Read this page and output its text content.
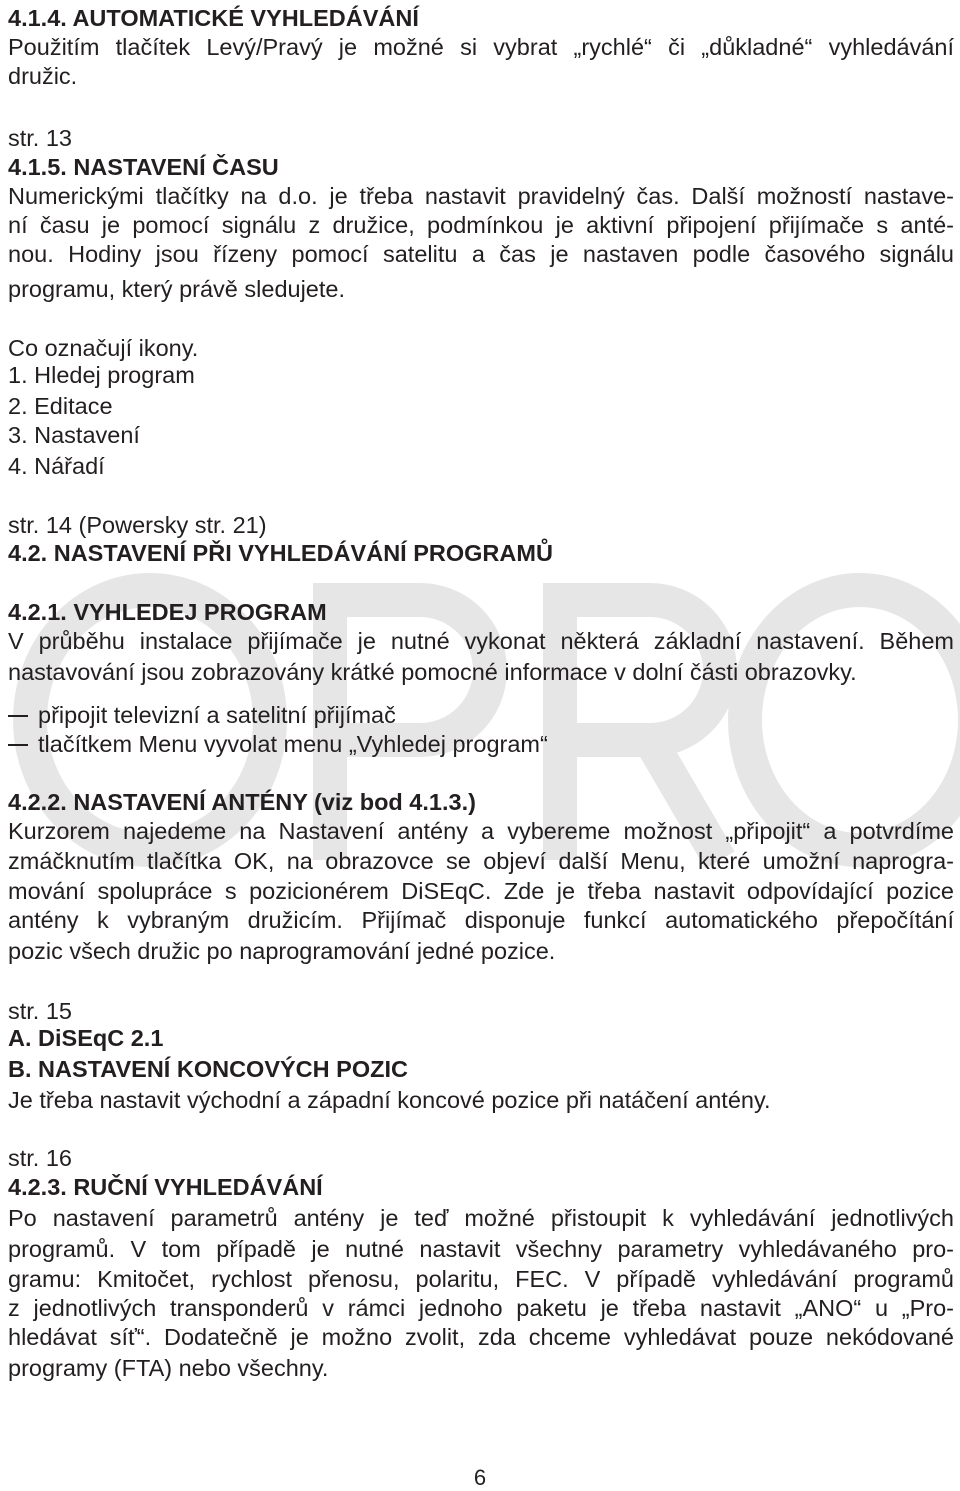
4.1.4. AUTOMATICKÉ VYHLEDÁVÁNÍ
Použitím tlačítek Levý/Pravý je možné si vybrat „rychlé“ či „důkladné“ vyhledávání
družic.
str. 13
4.1.5. NASTAVENÍ ČASU
Numerickými tlačítky na d.o. je třeba nastavit pravidelný čas. Další možností nastave-
ní času je pomocí signálu z družice, podmínkou je aktivní připojení přijímače s anté-
nou. Hodiny jsou řízeny pomocí satelitu a čas je nastaven podle časového signálu
programu, který právě sledujete.
Co označují ikony.
1. Hledej program
2. Editace
3. Nastavení
4. Nářadí
str. 14 (Powersky str. 21)
4.2. NASTAVENÍ PŘI VYHLEDÁVÁNÍ PROGRAMŮ
4.2.1. VYHLEDEJ PROGRAM
V průběhu instalace přijímače je nutné vykonat některá základní nastavení. Během
nastavování jsou zobrazovány krátké pomocné informace v dolní části obrazovky.
připojit televizní a satelitní přijímač
tlačítkem Menu vyvolat menu „Vyhledej program“
4.2.2. NASTAVENÍ ANTÉNY (viz bod 4.1.3.)
Kurzorem najedeme na Nastavení antény a vybereme možnost „připojit“ a potvrdíme
zmáčknutím tlačítka OK, na obrazovce se objeví další Menu, které umožní naprogra-
mování spolupráce s pozicionérem DiSEqC. Zde je třeba nastavit odpovídající pozice
antény k vybraným družicím. Přijímač disponuje funkcí automatického přepočítání
pozic všech družic po naprogramování jedné pozice.
str. 15
A. DiSEqC 2.1
B. NASTAVENÍ KONCOVÝCH POZIC
Je třeba nastavit východní a západní koncové pozice při natáčení antény.
str. 16
4.2.3. RUČNÍ VYHLEDÁVÁNÍ
Po nastavení parametrů antény je teď možné přistoupit k vyhledávání jednotlivých
programů. V tom případě je nutné nastavit všechny parametry vyhledávaného pro-
gramu: Kmitočet, rychlost přenosu, polaritu, FEC. V případě vyhledávání programů
z jednotlivých transponderů v rámci jednoho paketu je třeba nastavit „ANO“ u „Pro-
hledávat síť“. Dodatečně je možno zvolit, zda chceme vyhledávat pouze nekódované
programy (FTA) nebo všechny.
6
